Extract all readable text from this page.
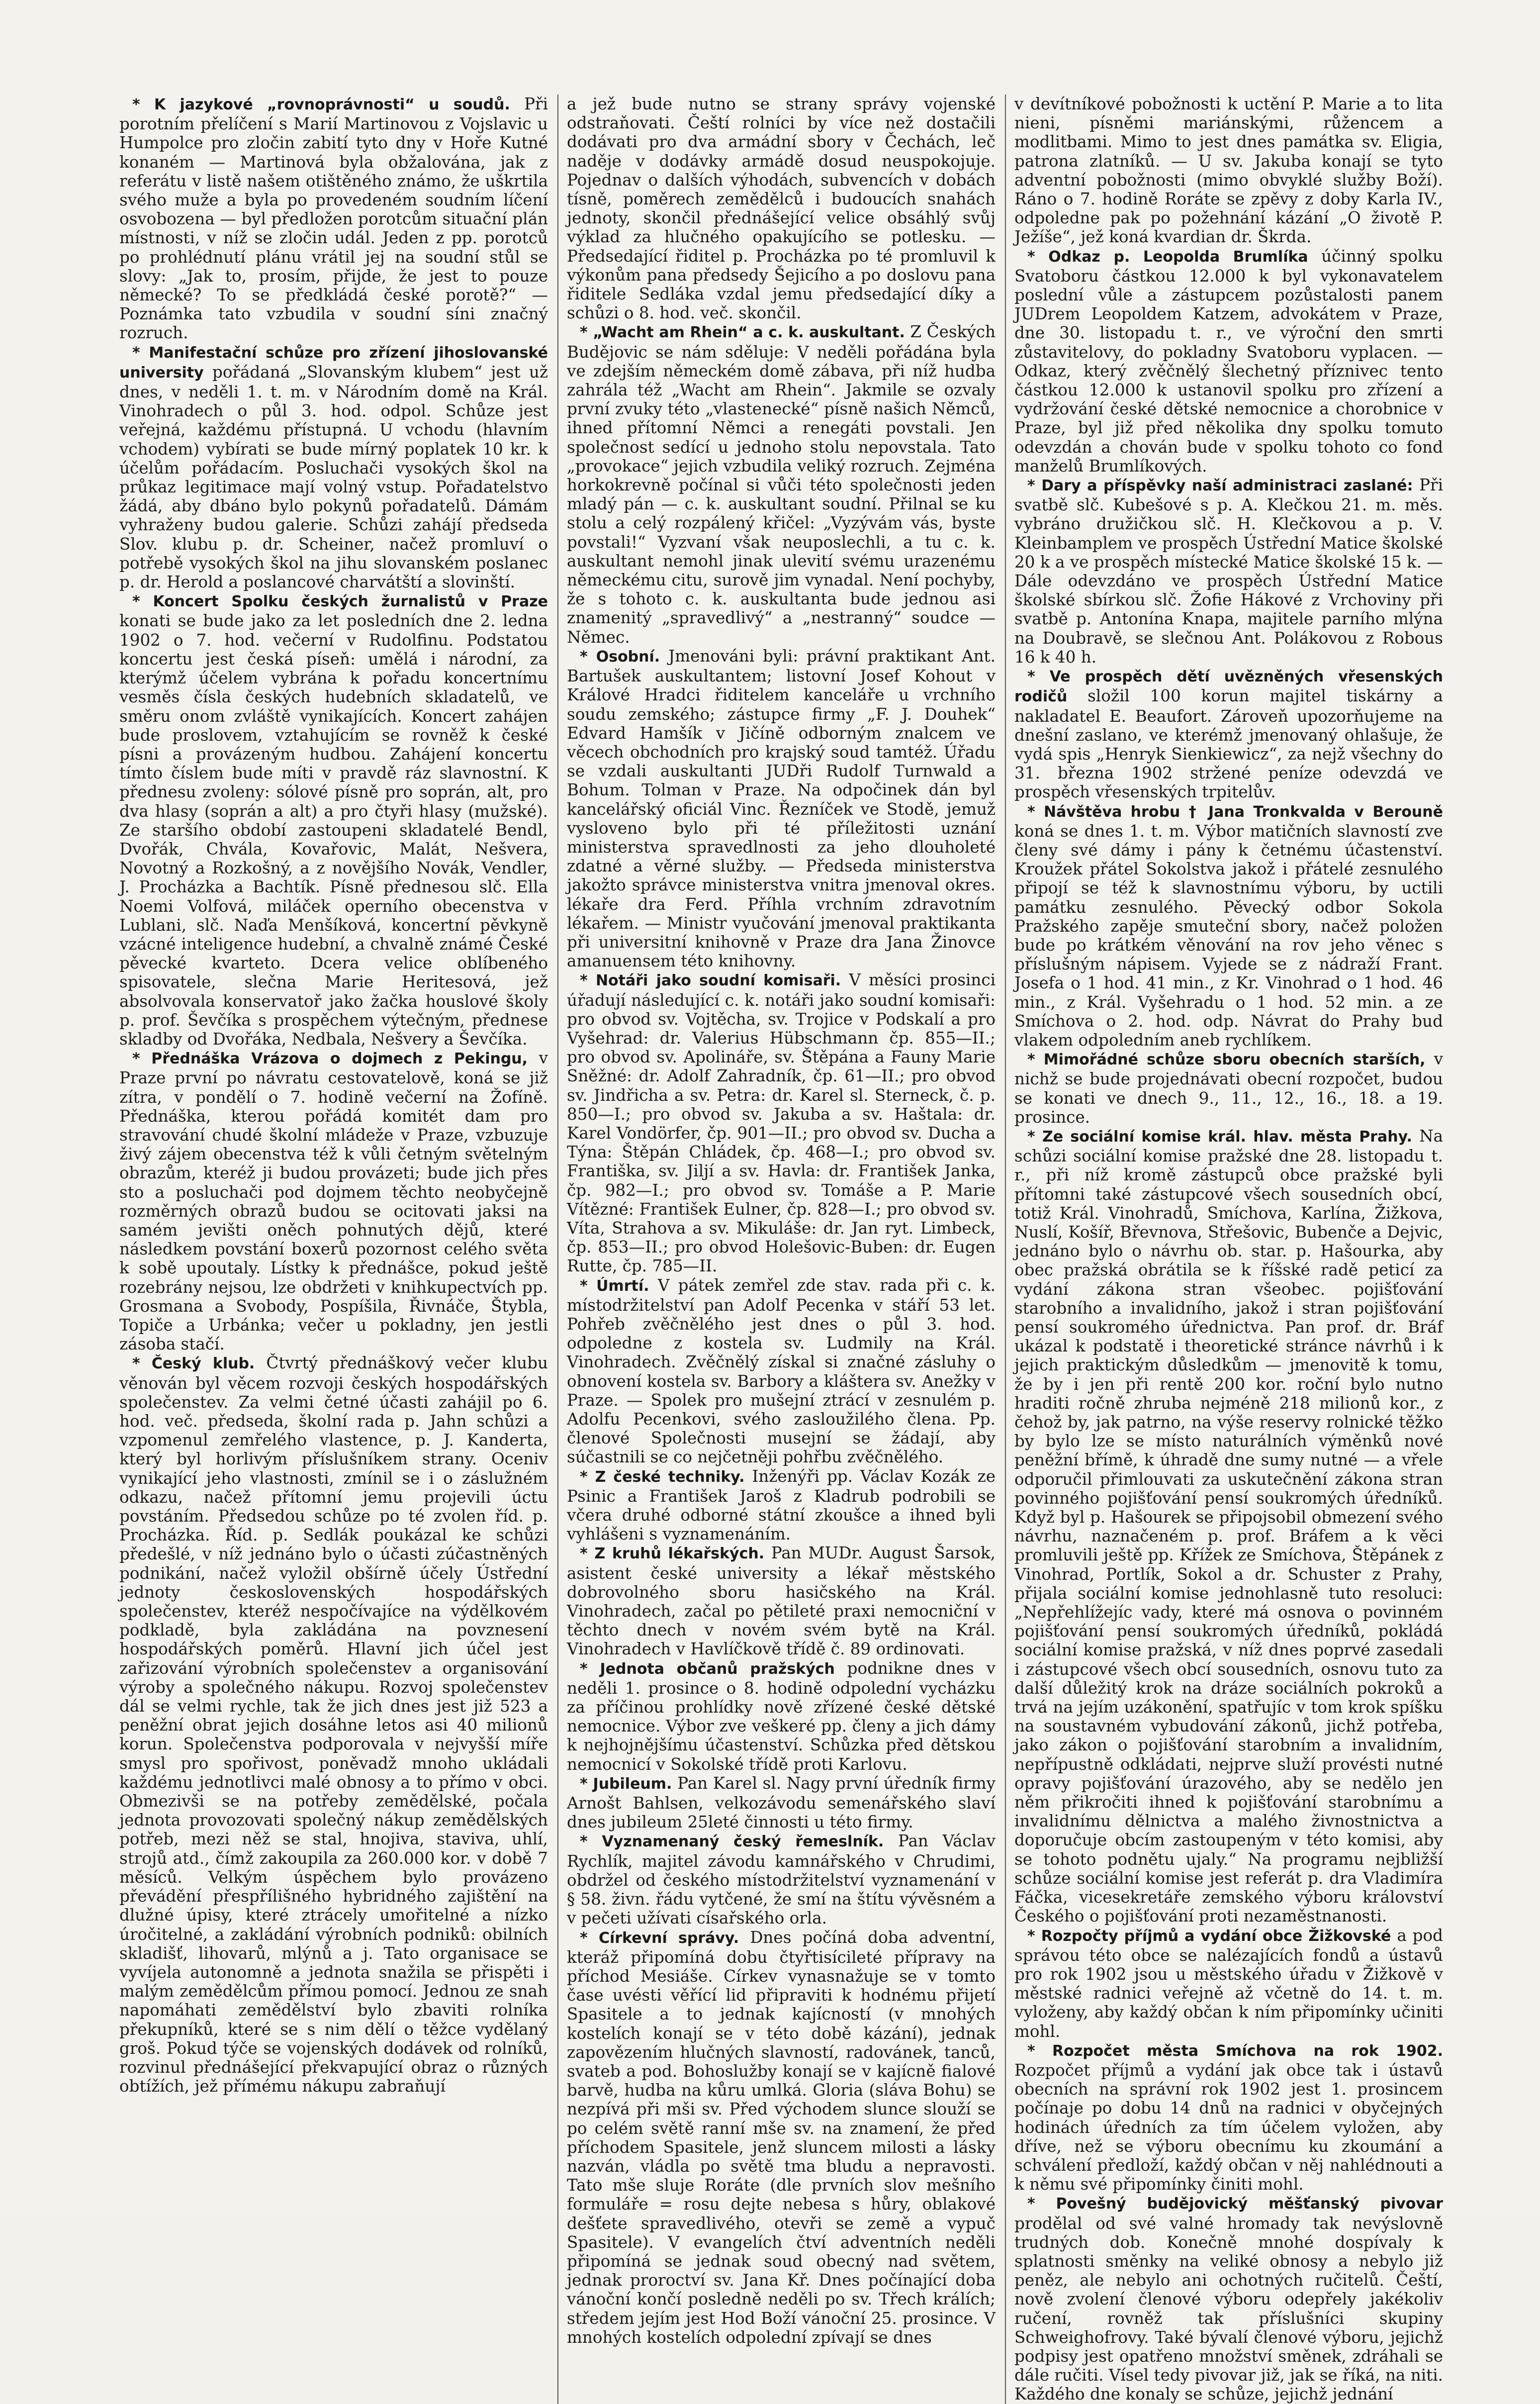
* K jazykové „rovnoprávnosti“ u soudů. Při porotním přelíčení s Marií Martinovou z Vojslavic u Humpolce pro zločin zabití tyto dny v Hoře Kutné konaném — Martinová byla obžalována, jak z referátu v listě našem otištěného známo, že uškrtila svého muže a byla po provedeném soudním líčení osvobozena — byl předložen porotcům situační plán místnosti, v níž se zločin udál. Jeden z pp. porotců po prohlédnutí plánu vrátil jej na soudní stůl se slovy: „Jak to, prosím, přijde, že jest to pouze německé? To se předkládá české porotě?“ — Poznámka tato vzbudila v soudní síni značný rozruch.

* Manifestační schůze pro zřízení jihoslovanské university pořádaná „Slovanským klubem“ jest už dnes, v neděli 1. t. m. v Národním domě na Král. Vinohradech o půl 3. hod. odpol. Schůze jest veřejná, každému přístupná. U vchodu (hlavním vchodem) vybírati se bude mírný poplatek 10 kr. k účelům pořádacím. Posluchači vysokých škol na průkaz legitimace mají volný vstup. Pořadatelstvo žádá, aby dbáno bylo pokynů pořadatelů. Dámám vyhraženy budou galerie. Schůzi zahájí předseda Slov. klubu p. dr. Scheiner, načež promluví o potřebě vysokých škol na jihu slovanském poslanec p. dr. Herold a poslancové charvátští a slovinští.

* Koncert Spolku českých žurnalistů v Praze konati se bude jako za let posledních dne 2. ledna 1902 o 7. hod. večerní v Rudolfinu. Podstatou koncertu jest česká píseň: umělá i národní, za kterýmž účelem vybrána k pořadu koncertnímu vesměs čísla českých hudebních skladatelů, ve směru onom zvláště vynikajících. Koncert zahájen bude proslovem, vztahujícím se rovněž k české písni a provázeným hudbou. Zahájení koncertu tímto číslem bude míti v pravdě ráz slavnostní. K přednesu zvoleny: sólové písně pro soprán, alt, pro dva hlasy (soprán a alt) a pro čtyři hlasy (mužské). Ze staršího období zastoupeni skladatelé Bendl, Dvořák, Chvála, Kovařovic, Malát, Nešvera, Novotný a Rozkošný, a z novějšího Novák, Vendler, J. Procházka a Bachtík. Písně přednesou slč. Ella Noemi Volfová, miláček operního obecenstva v Lublani, slč. Naďa Menšíková, koncertní pěvkyně vzácné inteligence hudební, a chvalně známé České pěvecké kvarteto. Dcera velice oblíbeného spisovatele, slečna Marie Heritesová, jež absolvovala konservatoř jako žačka houslové školy p. prof. Ševčíka s prospěchem výtečným, přednese skladby od Dvořáka, Nedbala, Nešvery a Ševčíka.

* Přednáška Vrázova o dojmech z Pekingu, v Praze první po návratu cestovatelově, koná se již zítra, v pondělí o 7. hodině večerní na Žofíně. Přednáška, kterou pořádá komitét dam pro stravování chudé školní mládeže v Praze, vzbuzuje živý zájem obecenstva též k vůli četným světelným obrazům, kteréž ji budou provázeti; bude jich přes sto a posluchači pod dojmem těchto neobyčejně rozměrných obrazů budou se ocitovati jaksi na samém jevišti oněch pohnutých dějů, které následkem povstání boxerů pozornost celého světa k sobě upoutaly. Lístky k přednášce, pokud ještě rozebrány nejsou, lze obdržeti v knihkupectvích pp. Grosmana a Svobody, Pospíšila, Řivnáče, Štybla, Topiče a Urbánka; večer u pokladny, jen jestli zásoba stačí.

* Český klub. Čtvrtý přednáškový večer klubu věnován byl věcem rozvoji českých hospodářských společenstev. Za velmi četné účasti zahájil po 6. hod. več. předseda, školní rada p. Jahn schůzi a vzpomenul zemřelého vlastence, p. J. Kanderta, který byl horlivým příslušníkem strany. Oceniv vynikající jeho vlastnosti, zmínil se i o záslužném odkazu, načež přítomní jemu projevili úctu povstáním. Předsedou schůze po té zvolen říd. p. Procházka. Říd. p. Sedlák poukázal ke schůzi předešlé, v níž jednáno bylo o účasti zúčastněných podnikání, načež vyložil obšírně účely Ústřední jednoty československých hospodářských společenstev, kteréž nespočívajíce na výdělkovém podkladě, byla zakládána na povznesení hospodářských poměrů. Hlavní jich účel jest zařizování výrobních společenstev a organisování výroby a společného nákupu. Rozvoj společenstev dál se velmi rychle, tak že jich dnes jest již 523 a peněžní obrat jejich dosáhne letos asi 40 milionů korun. Společenstva podporovala v nejvyšší míře smysl pro spořivost, poněvadž mnoho ukládali každému jednotlivci malé obnosy a to přímo v obci. Obmezivši se na potřeby zemědělské, počala jednota provozovati společný nákup zemědělských potřeb, mezi něž se stal, hnojiva, staviva, uhlí, strojů atd., čímž zakoupila za 260.000 kor. v době 7 měsíců. Velkým úspěchem bylo provázeno převádění přespřílišného hybridného zajištění na dlužné úpisy, které ztrácely umořitelné a nízko úročitelné, a zakládání výrobních podniků: obilních skladišť, lihovarů, mlýnů a j. Tato organisace se vyvíjela autonomně a jednota snažila se přispěti i malým zemědělcům přímou pomocí. Jednou ze snah napomáhati zemědělství bylo zbaviti rolníka překupníků, které se s nim dělí o těžce vydělaný groš. Pokud týče se vojenských dodávek od rolníků, rozvinul přednášející překvapující obraz o různých obtížích, jež přímému nákupu zabraňují

a jež bude nutno se strany správy vojenské odstraňovati. Čeští rolníci by více než dostačili dodávati pro dva armádní sbory v Čechách, leč naděje v dodávky armádě dosud neuspokojuje. Pojednav o dalších výhodách, subvencích v dobách tísně, poměrech zemědělců i budoucích snahách jednoty, skončil přednášející velice obsáhlý svůj výklad za hlučného opakujícího se potlesku. — Předsedající řiditel p. Procházka po té promluvil k výkonům pana předsedy Šejicího a po doslovu pana řiditele Sedláka vzdal jemu předsedající díky a schůzi o 8. hod. več. skončil.

* „Wacht am Rhein“ a c. k. auskultant. Z Českých Budějovic se nám sděluje: V neděli pořádána byla ve zdejším německém domě zábava, při níž hudba zahrála též „Wacht am Rhein“. Jakmile se ozvaly první zvuky této „vlastenecké“ písně našich Němců, ihned přítomní Němci a renegáti povstali. Jen společnost sedící u jednoho stolu nepovstala. Tato „provokace“ jejich vzbudila veliký rozruch. Zejména horkokrevně počínal si vůči této společnosti jeden mladý pán — c. k. auskultant soudní. Přilnal se ku stolu a celý rozpálený křičel: „Vyzývám vás, byste povstali!“ Vyzvaní však neuposlechli, a tu c. k. auskultant nemohl jinak ulevití svému urazenému německému citu, surově jim vynadal. Není pochyby, že s tohoto c. k. auskultanta bude jednou asi znamenitý „spravedlivý“ a „nestranný“ soudce — Němec.

* Osobní. Jmenováni byli: právní praktikant Ant. Bartušek auskultantem; listovní Josef Kohout v Králové Hradci řiditelem kanceláře u vrchního soudu zemského; zástupce firmy „F. J. Douhek“ Edvard Hamšík v Jičíně odborným znalcem ve věcech obchodních pro krajský soud tamtéž. Úřadu se vzdali auskultanti JUDři Rudolf Turnwald a Bohum. Tolman v Praze. Na odpočinek dán byl kancelářský oficiál Vinc. Řezníček ve Stodě, jemuž vysloveno bylo při té příležitosti uznání ministerstva spravedlnosti za jeho dlouholeté zdatné a věrné služby. — Předseda ministerstva jakožto správce ministerstva vnitra jmenoval okres. lékaře dra Ferd. Příhla vrchním zdravotním lékařem. — Ministr vyučování jmenoval praktikanta při universitní knihovně v Praze dra Jana Žinovce amanuensem této knihovny.

* Notáři jako soudní komisaři. V měsíci prosinci úřadují následující c. k. notáři jako soudní komisaři: pro obvod sv. Vojtěcha, sv. Trojice v Podskalí a pro Vyšehrad: dr. Valerius Hübschmann čp. 855—II.; pro obvod sv. Apolináře, sv. Štěpána a Fauny Marie Sněžné: dr. Adolf Zahradník, čp. 61—II.; pro obvod sv. Jindřicha a sv. Petra: dr. Karel sl. Sterneck, č. p. 850—I.; pro obvod sv. Jakuba a sv. Haštala: dr. Karel Vondörfer, čp. 901—II.; pro obvod sv. Ducha a Týna: Štěpán Chládek, čp. 468—I.; pro obvod sv. Františka, sv. Jiljí a sv. Havla: dr. František Janka, čp. 982—I.; pro obvod sv. Tomáše a P. Marie Vítězné: František Eulner, čp. 828—I.; pro obvod sv. Víta, Strahova a sv. Mikuláše: dr. Jan ryt. Limbeck, čp. 853—II.; pro obvod Holešovic-Buben: dr. Eugen Rutte, čp. 785—II.

* Úmrtí. V pátek zemřel zde stav. rada při c. k. místodržitelství pan Adolf Pecenka v stáří 53 let. Pohřeb zvěčnělého jest dnes o půl 3. hod. odpoledne z kostela sv. Ludmily na Král. Vinohradech. Zvěčnělý získal si značné zásluhy o obnovení kostela sv. Barbory a kláštera sv. Anežky v Praze. — Spolek pro mušejní ztrácí v zesnulém p. Adolfu Pecenkovi, svého zasloužilého člena. Pp. členové Společnosti musejní se žádají, aby súčastnili se co nejčetněji pohřbu zvěčnělého.

* Z české techniky. Inženýři pp. Václav Kozák ze Psinic a František Jaroš z Kladrub podrobili se včera druhé odborné státní zkoušce a ihned byli vyhlášeni s vyznamenáním.

* Z kruhů lékařských. Pan MUDr. August Šarsok, asistent české university a lékař městského dobrovolného sboru hasičského na Král. Vinohradech, začal po pětileté praxi nemocniční v těchto dnech v novém svém bytě na Král. Vinohradech v Havlíčkově třídě č. 89 ordinovati.

* Jednota občanů pražských podnikne dnes v neděli 1. prosince o 8. hodině odpolední vycházku za příčinou prohlídky nově zřízené české dětské nemocnice. Výbor zve veškeré pp. členy a jich dámy k nejhojnějšímu účastenství. Schůzka před dětskou nemocnicí v Sokolské třídě proti Karlovu.

* Jubileum. Pan Karel sl. Nagy první úředník firmy Arnošt Bahlsen, velkozávodu semenářského slaví dnes jubileum 25leté činnosti u této firmy.

* Vyznamenaný český řemeslník. Pan Václav Rychlík, majitel závodu kamnářského v Chrudimi, obdržel od českého místodržitelství vyznamenání v § 58. živn. řádu vytčené, že smí na štítu vývěsném a v pečeti užívati císařského orla.

* Církevní správy. Dnes počíná doba adventní, kteráž připomíná dobu čtyřtisícileté přípravy na příchod Mesiáše. Církev vynasnažuje se v tomto čase uvésti věřící lid připraviti k hodnému přijetí Spasitele a to jednak kajícností (v mnohých kostelích konají se v této době kázání), jednak zapovězením hlučných slavností, radovánek, tanců, svateb a pod. Bohoslužby konají se v kajícně fialové barvě, hudba na kůru umlká. Gloria (sláva Bohu) se nezpívá při mši sv. Před východem slunce slouží se po celém světě ranní mše sv. na znamení, že před příchodem Spasitele, jenž sluncem milosti a lásky nazván, vládla po světě tma bludu a nepravosti. Tato mše sluje Roráte (dle prvních slov mešního formuláře = rosu dejte nebesa s hůry, oblakové dešťete spravedlivého, otevři se země a vypuč Spasitele). V evangelích čtví adventních neděli připomíná se jednak soud obecný nad světem, jednak proroctví sv. Jana Kř. Dnes počínající doba vánoční končí posledně neděli po sv. Třech králích; středem jejím jest Hod Boží vánoční 25. prosince. V mnohých kostelích odpolední zpívají se dnes

v devítníkové pobožnosti k uctění P. Marie a to lita nieni, písněmi mariánskými, růžencem a modlitbami. Mimo to jest dnes památka sv. Eligia, patrona zlatníků. — U sv. Jakuba konají se tyto adventní pobožnosti (mimo obvyklé služby Boží). Ráno o 7. hodině Roráte se zpěvy z doby Karla IV., odpoledne pak po požehnání kázání „O životě P. Ježíše“, jež koná kvardian dr. Škrda.

* Odkaz p. Leopolda Brumlíka účinný spolku Svatoboru částkou 12.000 k byl vykonavatelem poslední vůle a zástupcem pozůstalosti panem JUDrem Leopoldem Katzem, advokátem v Praze, dne 30. listopadu t. r., ve výroční den smrti zůstavitelovy, do pokladny Svatoboru vyplacen. — Odkaz, který zvěčnělý šlechetný příznivec tento částkou 12.000 k ustanovil spolku pro zřízení a vydržování české dětské nemocnice a chorobnice v Praze, byl již před několika dny spolku tomuto odevzdán a chován bude v spolku tohoto co fond manželů Brumlíkových.

* Dary a příspěvky naší administraci zaslané: Při svatbě slč. Kubešové s p. A. Klečkou 21. m. měs. vybráno družičkou slč. H. Klečkovou a p. V. Kleinbamplem ve prospěch Ústřední Matice školské 20 k a ve prospěch místecké Matice školské 15 k. — Dále odevzdáno ve prospěch Ústřední Matice školské sbírkou slč. Žofie Hákové z Vrchoviny při svatbě p. Antonína Knapa, majitele parního mlýna na Doubravě, se slečnou Ant. Polákovou z Robous 16 k 40 h.

* Ve prospěch dětí uvězněných vřesenských rodičů složil 100 korun majitel tiskárny a nakladatel E. Beaufort. Zároveň upozorňujeme na dnešní zaslano, ve kterémž jmenovaný ohlašuje, že vydá spis „Henryk Sienkiewicz“, za nejž všechny do 31. března 1902 stržené peníze odevzdá ve prospěch vřesenských trpitelův.

* Návštěva hrobu † Jana Tronkvalda v Berouně koná se dnes 1. t. m. Výbor matičních slavností zve členy své dámy i pány k četnému účastenství. Kroužek přátel Sokolstva jakož i přátelé zesnulého připojí se též k slavnostnímu výboru, by uctili památku zesnulého. Pěvecký odbor Sokola Pražského zapěje smuteční sbory, načež položen bude po krátkém věnování na rov jeho věnec s příslušným nápisem. Vyjede se z nádraží Frant. Josefa o 1 hod. 41 min., z Kr. Vinohrad o 1 hod. 46 min., z Král. Vyšehradu o 1 hod. 52 min. a ze Smíchova o 2. hod. odp. Návrat do Prahy bud vlakem odpoledním aneb rychlíkem.

* Mimořádné schůze sboru obecních starších, v nichž se bude projednávati obecní rozpočet, budou se konati ve dnech 9., 11., 12., 16., 18. a 19. prosince.

* Ze sociální komise král. hlav. města Prahy. Na schůzi sociální komise pražské dne 28. listopadu t. r., při níž kromě zástupců obce pražské byli přítomni také zástupcové všech sousedních obcí, totiž Král. Vinohradů, Smíchova, Karlína, Žižkova, Nuslí, Košíř, Břevnova, Střešovic, Bubenče a Dejvic, jednáno bylo o návrhu ob. star. p. Hašourka, aby obec pražská obrátila se k říšské radě peticí za vydání zákona stran všeobec. pojišťování starobního a invalidního, jakož i stran pojišťování pensí soukromého úřednictva. Pan prof. dr. Bráf ukázal k podstatě i theoretické stránce návrhů i k jejich praktickým důsledkům — jmenovitě k tomu, že by i jen při rentě 200 kor. roční bylo nutno hraditi ročně zhruba nejméně 218 milionů kor., z čehož by, jak patrno, na výše reservy rolnické těžko by bylo lze se místo naturálních výměnků nové peněžní břímě, k úhradě dne sumy nutné — a vřele odporučil přimlouvati za uskutečnění zákona stran povinného pojišťování pensí soukromých úředníků. Když byl p. Hašourek se připojsobil obmezení svého návrhu, naznačeném p. prof. Bráfem a k věci promluvili ještě pp. Křížek ze Smíchova, Štěpánek z Vinohrad, Portlík, Sokol a dr. Schuster z Prahy, přijala sociální komise jednohlasně tuto resoluci: „Nepřehlížejíc vady, které má osnova o povinném pojišťování pensí soukromých úředníků, pokládá sociální komise pražská, v níž dnes poprvé zasedali i zástupcové všech obcí sousedních, osnovu tuto za další důležitý krok na dráze sociálních pokroků a trvá na jejím uzákonění, spatřujíc v tom krok spíšku na soustavném vybudování zákonů, jichž potřeba, jako zákon o pojišťování starobním a invalidním, nepřípustně odkládati, nejprve služí provésti nutné opravy pojišťování úrazového, aby se nedělo jen něm přikročiti ihned k pojišťování starobnímu a invalidnímu dělnictva a malého živnostnictva a doporučuje obcím zastoupeným v této komisi, aby se tohoto podnětu ujaly.“ Na programu nejbližší schůze sociální komise jest referát p. dra Vladimíra Fáčka, vicesekretáře zemského výboru království Českého o pojišťování proti nezaměstnanosti.

* Rozpočty příjmů a vydání obce Žižkovské a pod správou této obce se nalézajících fondů a ústavů pro rok 1902 jsou u městského úřadu v Žižkově v městské radnici veřejně až včetně do 14. t. m. vyloženy, aby každý občan k ním připomínky učiniti mohl.

* Rozpočet města Smíchova na rok 1902. Rozpočet příjmů a vydání jak obce tak i ústavů obecních na správní rok 1902 jest 1. prosincem počínaje po dobu 14 dnů na radnici v obyčejných hodinách úředních za tím účelem vyložen, aby dříve, než se výboru obecnímu ku zkoumání a schválení předloží, každý občan v něj nahlédnouti a k němu své připomínky činiti mohl.

* Povešný budějovický měšťanský pivovar prodělal od své valné hromady tak nevýslovně trudných dob. Konečně mnohé dospívaly k splatnosti směnky na veliké obnosy a nebylo již peněz, ale nebylo ani ochotných ručitelů. Čeští, nově zvolení členové výboru odepřely jakékoliv ručení, rovněž tak příslušníci skupiny Schweighofrovy. Také bývalí členové výboru, jejichž podpisy jest opatřeno množství směnek, zdráhali se dále ručiti. Vísel tedy pivovar již, jak se říká, na niti. Každého dne konaly se schůze, jejichž jednání
